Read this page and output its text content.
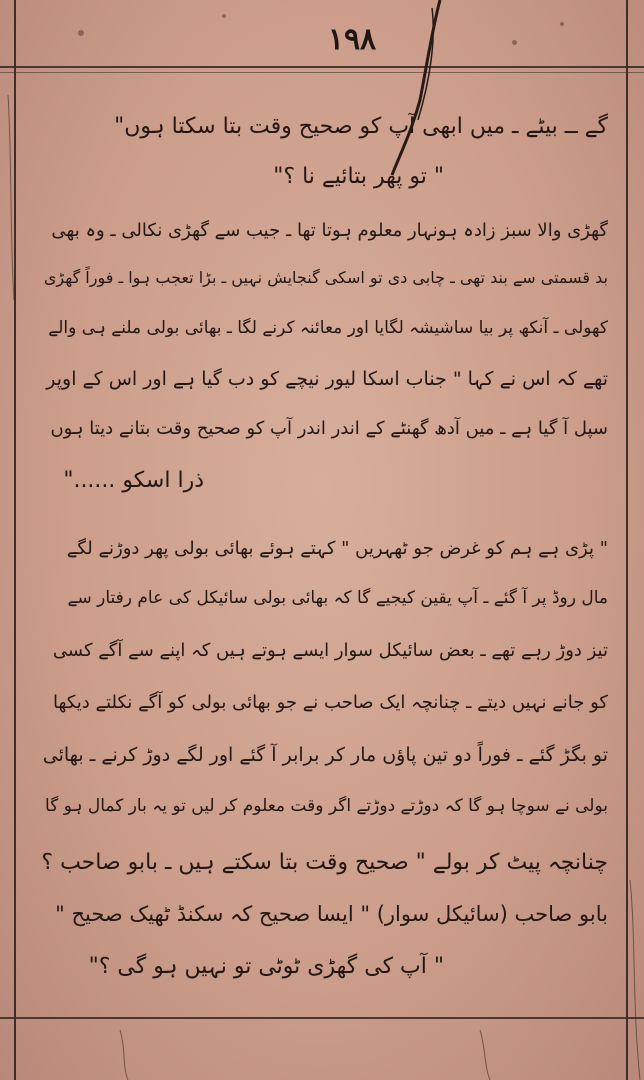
۱۹۸
گے ــ بیٹے ـ میں ابھی آپ کو صحیح وقت بتا سکتا ہوں"
" تو پھر بتائیے نا ؟"
گھڑی والا سبز زادہ ہونہار معلوم ہوتا تھا ـ جیب سے گھڑی نکالی ـ وہ بھی
بد قسمتی سے بند تھی ـ چابی دی تو اسکی گنجایش نہیں ـ بڑا تعجب ہوا ـ فوراً گھڑی
کھولی ـ آنکھ پر بیا ساشیشہ لگایا اور معائنہ کرنے لگا ـ بھائی بولی ملنے ہی والے
تھے کہ اس نے کہا " جناب اسکا لیور نیچے کو دب گیا ہے اور اس کے اوپر
سپل آ گیا ہے ـ میں آدھ گھنٹے کے اندر اندر آپ کو صحیح وقت بتانے دیتا ہوں
ذرا اسکو ......"
" پڑی ہے ہم کو غرض جو ٹھہریں " کہتے ہوئے بھائی بولی پھر دوڑنے لگے
مال روڈ پر آ گئے ـ آپ یقین کیجیے گا کہ بھائی بولی سائیکل کی عام رفتار سے
تیز دوڑ رہے تھے ـ بعض سائیکل سوار ایسے ہوتے ہیں کہ اپنے سے آگے کسی
کو جانے نہیں دیتے ـ چنانچہ ایک صاحب نے جو بھائی بولی کو آگے نکلتے دیکھا
تو بگڑ گئے ـ فوراً دو تین پاؤں مار کر برابر آ گئے اور لگے دوڑ کرنے ـ بھائی
بولی نے سوچا ہو گا کہ دوڑتے دوڑتے اگر وقت معلوم کر لیں تو یہ بار کمال ہو گا
چنانچہ پیٹ کر بولے " صحیح وقت بتا سکتے ہیں ـ بابو صاحب ؟
بابو صاحب (سائیکل سوار) " ایسا صحیح کہ سکنڈ ٹھیک صحیح "
" آپ کی گھڑی ٹوٹی تو نہیں ہو گی ؟"
